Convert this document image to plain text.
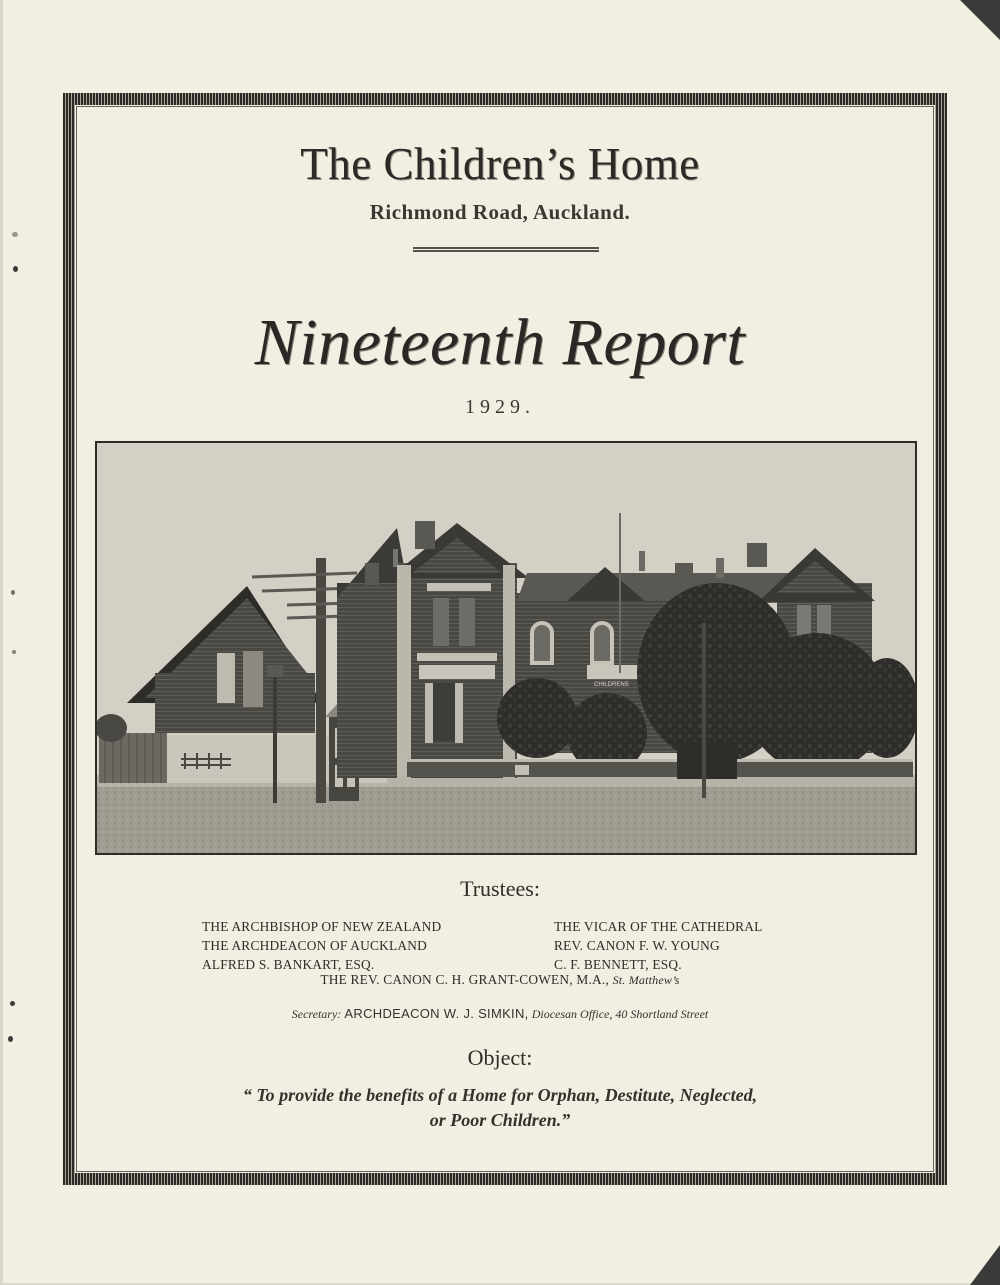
The Children’s Home
Richmond Road, Auckland.
Nineteenth Report
1929.
CHILDRENS
Trustees:
THE ARCHBISHOP OF NEW ZEALAND
THE ARCHDEACON OF AUCKLAND
ALFRED S. BANKART, ESQ.
THE VICAR OF THE CATHEDRAL
REV. CANON F. W. YOUNG
C. F. BENNETT, ESQ.
THE REV. CANON C. H. GRANT-COWEN, M.A., St. Matthew’s
Secretary: ARCHDEACON W. J. SIMKIN, Diocesan Office, 40 Shortland Street
Object:
“ To provide the benefits of a Home for Orphan, Destitute, Neglected,
or Poor Children.”
